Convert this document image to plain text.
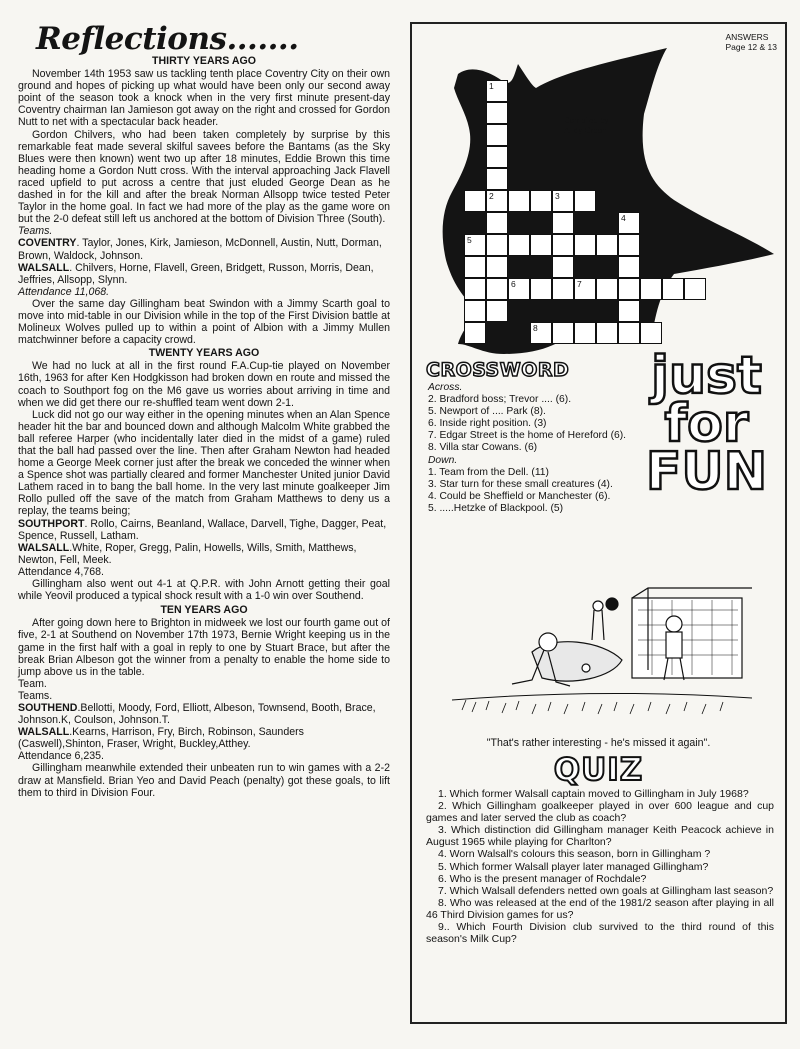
Reflections.......
THIRTY YEARS AGO

November 14th 1953 saw us tackling tenth place Coventry City on their own ground and hopes of picking up what would have been only our second away point of the season took a knock when in the very first minute present-day Coventry chairman Ian Jamieson got away on the right and crossed for Gordon Nutt to net with a spectacular back header.

Gordon Chilvers, who had been taken completely by surprise by this remarkable feat made several skilful savees before the Bantams (as the Sky Blues were then known) went two up after 18 minutes, Eddie Brown this time heading home a Gordon Nutt cross. With the interval approaching Jack Flavell raced upfield to put across a centre that just eluded George Dean as he dashed in for the kill and after the break Norman Allsopp twice tested Peter Taylor in the home goal. In fact we had more of the play as the game wore on but the 2-0 defeat still left us anchored at the bottom of Division Three (South).

Teams.
COVENTRY. Taylor, Jones, Kirk, Jamieson, McDonnell, Austin, Nutt, Dorman, Brown, Waldock, Johnson.
WALSALL. Chilvers, Horne, Flavell, Green, Bridgett, Russon, Morris, Dean, Jeffries, Allsopp, Slynn.
Attendance 11,068.

Over the same day Gillingham beat Swindon with a Jimmy Scarth goal to move into mid-table in our Division while in the top of the First Division battle at Molineux Wolves pulled up to within a point of Albion with a Jimmy Mullen matchwinner before a capacity crowd.

TWENTY YEARS AGO

We had no luck at all in the first round F.A.Cup-tie played on November 16th, 1963 for after Ken Hodgkisson had broken down en route and missed the coach to Southport fog on the M6 gave us worries about arriving in time and when we did get there our re-shuffled team went down 2-1.

Luck did not go our way either in the opening minutes when an Alan Spence header hit the bar and bounced down and although Malcolm White grabbed the ball referee Harper (who incidentally later died in the midst of a game) ruled that the ball had passed over the line. Then after Graham Newton had headed home a George Meek corner just after the break we conceded the winner when a Spence shot was partially cleared and former Manchester United junior David Lathem raced in to bang the ball home. In the very last minute goalkeeper Jim Rollo pulled off the save of the match from Graham Matthews to deny us a replay, the teams being;

SOUTHPORT. Rollo, Cairns, Beanland, Wallace, Darvell, Tighe, Dagger, Peat, Spence, Russell, Latham.
WALSALL.White, Roper, Gregg, Palin, Howells, Wills, Smith, Matthews, Newton, Fell, Meek.
Attendance 4,768.

Gillingham also went out 4-1 at Q.P.R. with John Arnott getting their goal while Yeovil produced a typical shock result with a 1-0 win over Southend.

TEN YEARS AGO

After going down here to Brighton in midweek we lost our fourth game out of five, 2-1 at Southend on November 17th 1973, Bernie Wright keeping us in the game in the first half with a goal in reply to one by Stuart Brace, but after the break Brian Albeson got the winner from a penalty to enable the home side to jump above us in the table.

Team.
Teams.
SOUTHEND.Bellotti, Moody, Ford, Elliott, Albeson, Townsend, Booth, Brace, Johnson.K, Coulson, Johnson.T.
WALSALL.Kearns, Harrison, Fry, Birch, Robinson, Saunders (Caswell),Shinton, Fraser, Wright, Buckley,Atthey.
Attendance 6,235.

Gillingham meanwhile extended their unbeaten run to win games with a 2-2 draw at Mansfield. Brian Yeo and David Peach (penalty) got these goals, to lift them to third in Division Four.

ANSWERS
Page 12 & 13
Compiled by
Andy Green.
1
2	3
4
5
6	7
8
CROSSWORD
Across.
2. Bradford boss; Trevor .... (6).
5. Newport of .... Park (8).
6. Inside right position. (3)
7. Edgar Street is the home of Hereford (6).
8. Villa star Cowans. (6)
Down.
1. Team from the Dell. (11)
3. Star turn for these small creatures (4).
4. Could be Sheffield or Manchester (6).
5. .....Hetzke of Blackpool. (5)
just
for
FUN
"That's rather interesting - he's missed it again".
QUIZ

1. Which former Walsall captain moved to Gillingham in July 1968?

2. Which Gillingham goalkeeper played in over 600 league and cup games and later served the club as coach?

3. Which distinction did Gillingham manager Keith Peacock achieve in August 1965 while playing for Charlton?

4. Worn Walsall's colours this season, born in Gillingham ?

5. Which former Walsall player later managed Gillingham?

6. Who is the present manager of Rochdale?

7. Which Walsall defenders netted own goals at Gillingham last season?

8. Who was released at the end of the 1981/2 season after playing in all 46 Third Division games for us?

9.. Which Fourth Division club survived to the third round of this season's Milk Cup?
